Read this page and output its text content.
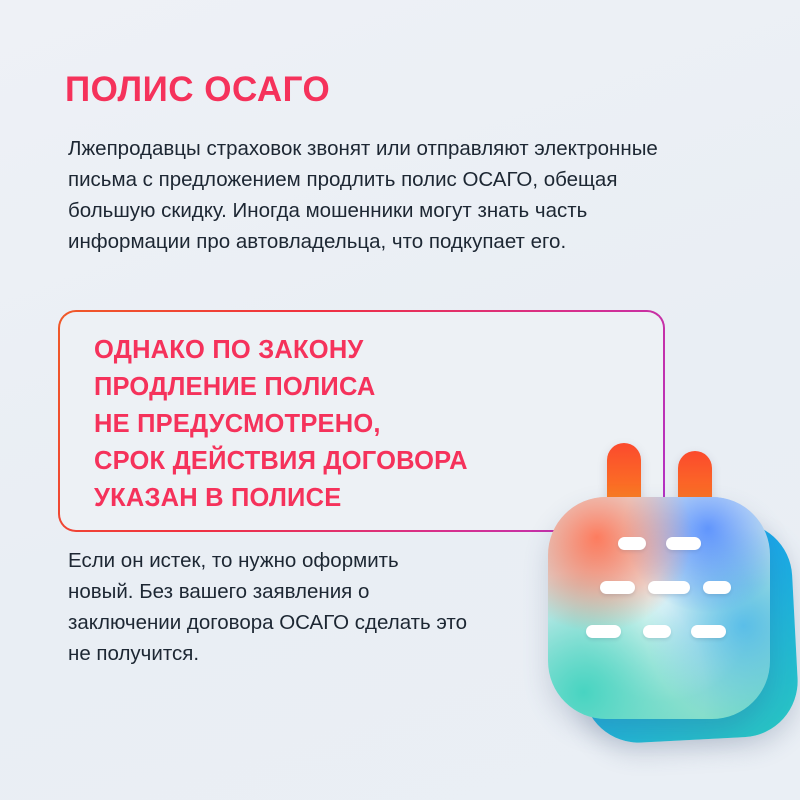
ПОЛИС ОСАГО

Лжепродавцы страховок звонят или отправляют электронные письма с предложением продлить полис ОСАГО, обещая большую скидку. Иногда мошенники могут знать часть информации про автовладельца, что подкупает его.

ОДНАКО ПО ЗАКОНУ

ПРОДЛЕНИЕ ПОЛИСА

НЕ ПРЕДУСМОТРЕНО,

СРОК ДЕЙСТВИЯ ДОГОВОРА

УКАЗАН В ПОЛИСЕ

Если он истек, то нужно оформить новый. Без вашего заявления о заключении договора ОСАГО сделать это не получится.
